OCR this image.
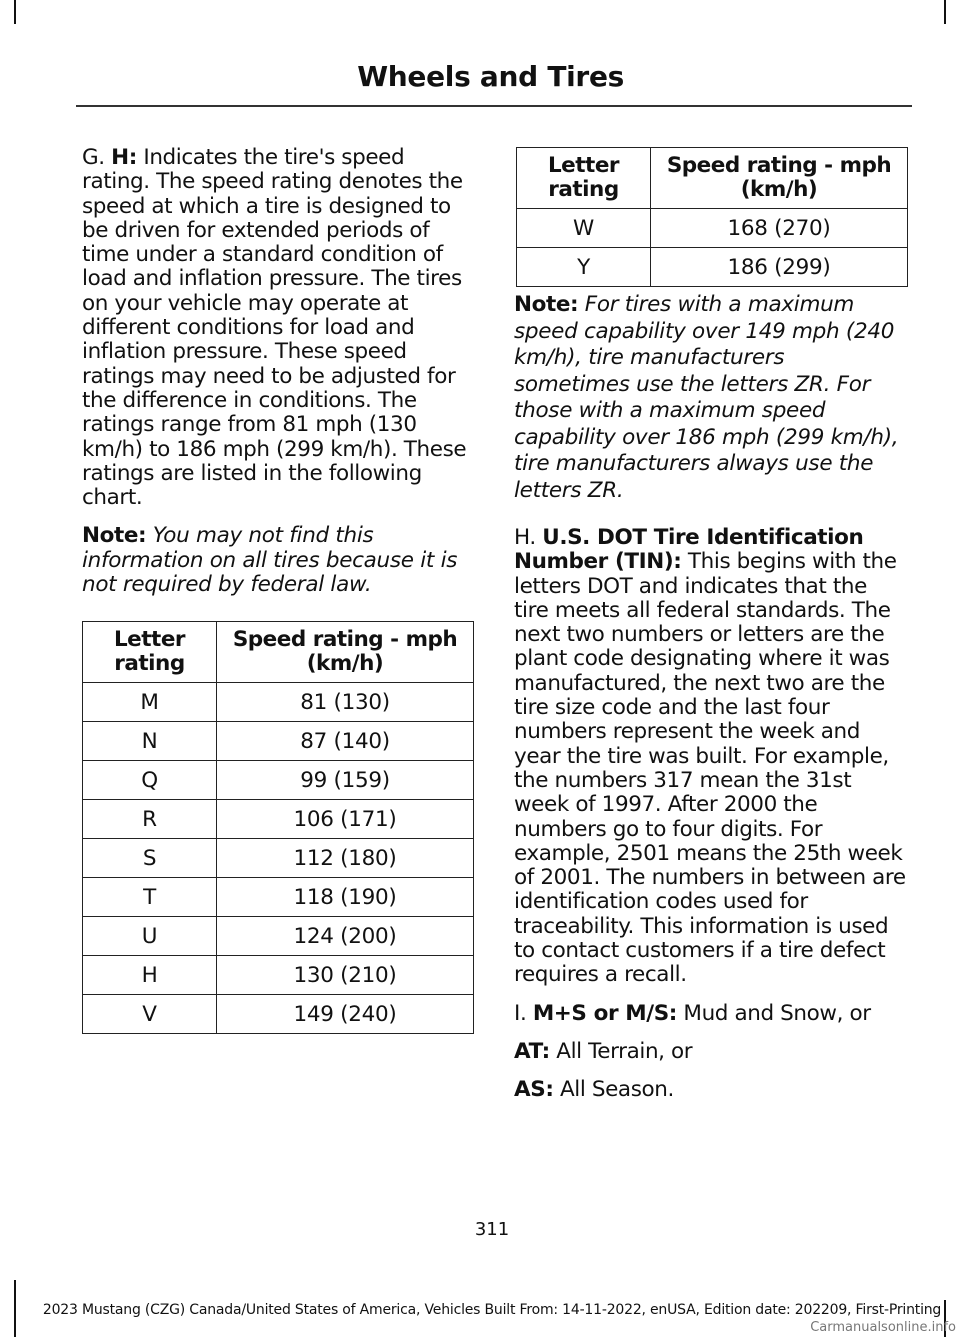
Wheels and Tires

G. H: Indicates the tire's speed rating. The speed rating denotes the speed at which a tire is designed to be driven for extended periods of time under a standard condition of load and inflation pressure. The tires on your vehicle may operate at different conditions for load and inflation pressure. These speed ratings may need to be adjusted for the difference in conditions. The ratings range from 81 mph (130 km/h) to 186 mph (299 km/h). These ratings are listed in the following chart.

Note: You may not find this information on all tires because it is not required by federal law.

Letter rating	Speed rating - mph (km/h)
M	81 (130)
N	87 (140)
Q	99 (159)
R	106 (171)
S	112 (180)
T	118 (190)
U	124 (200)
H	130 (210)
V	149 (240)
Letter rating	Speed rating - mph (km/h)
W	168 (270)
Y	186 (299)

Note: For tires with a maximum speed capability over 149 mph (240 km/h), tire manufacturers sometimes use the letters ZR. For those with a maximum speed capability over 186 mph (299 km/h), tire manufacturers always use the letters ZR.

H. U.S. DOT Tire Identification Number (TIN): This begins with the letters DOT and indicates that the tire meets all federal standards. The next two numbers or letters are the plant code designating where it was manufactured, the next two are the tire size code and the last four numbers represent the week and year the tire was built. For example, the numbers 317 mean the 31st week of 1997. After 2000 the numbers go to four digits. For example, 2501 means the 25th week of 2001. The numbers in between are identification codes used for traceability. This information is used to contact customers if a tire defect requires a recall.

I. M+S or M/S: Mud and Snow, or

AT: All Terrain, or

AS: All Season.

311
2023 Mustang (CZG) Canada/United States of America, Vehicles Built From: 14-11-2022, enUSA, Edition date: 202209, First-Printing
Carmanualsonline.info
